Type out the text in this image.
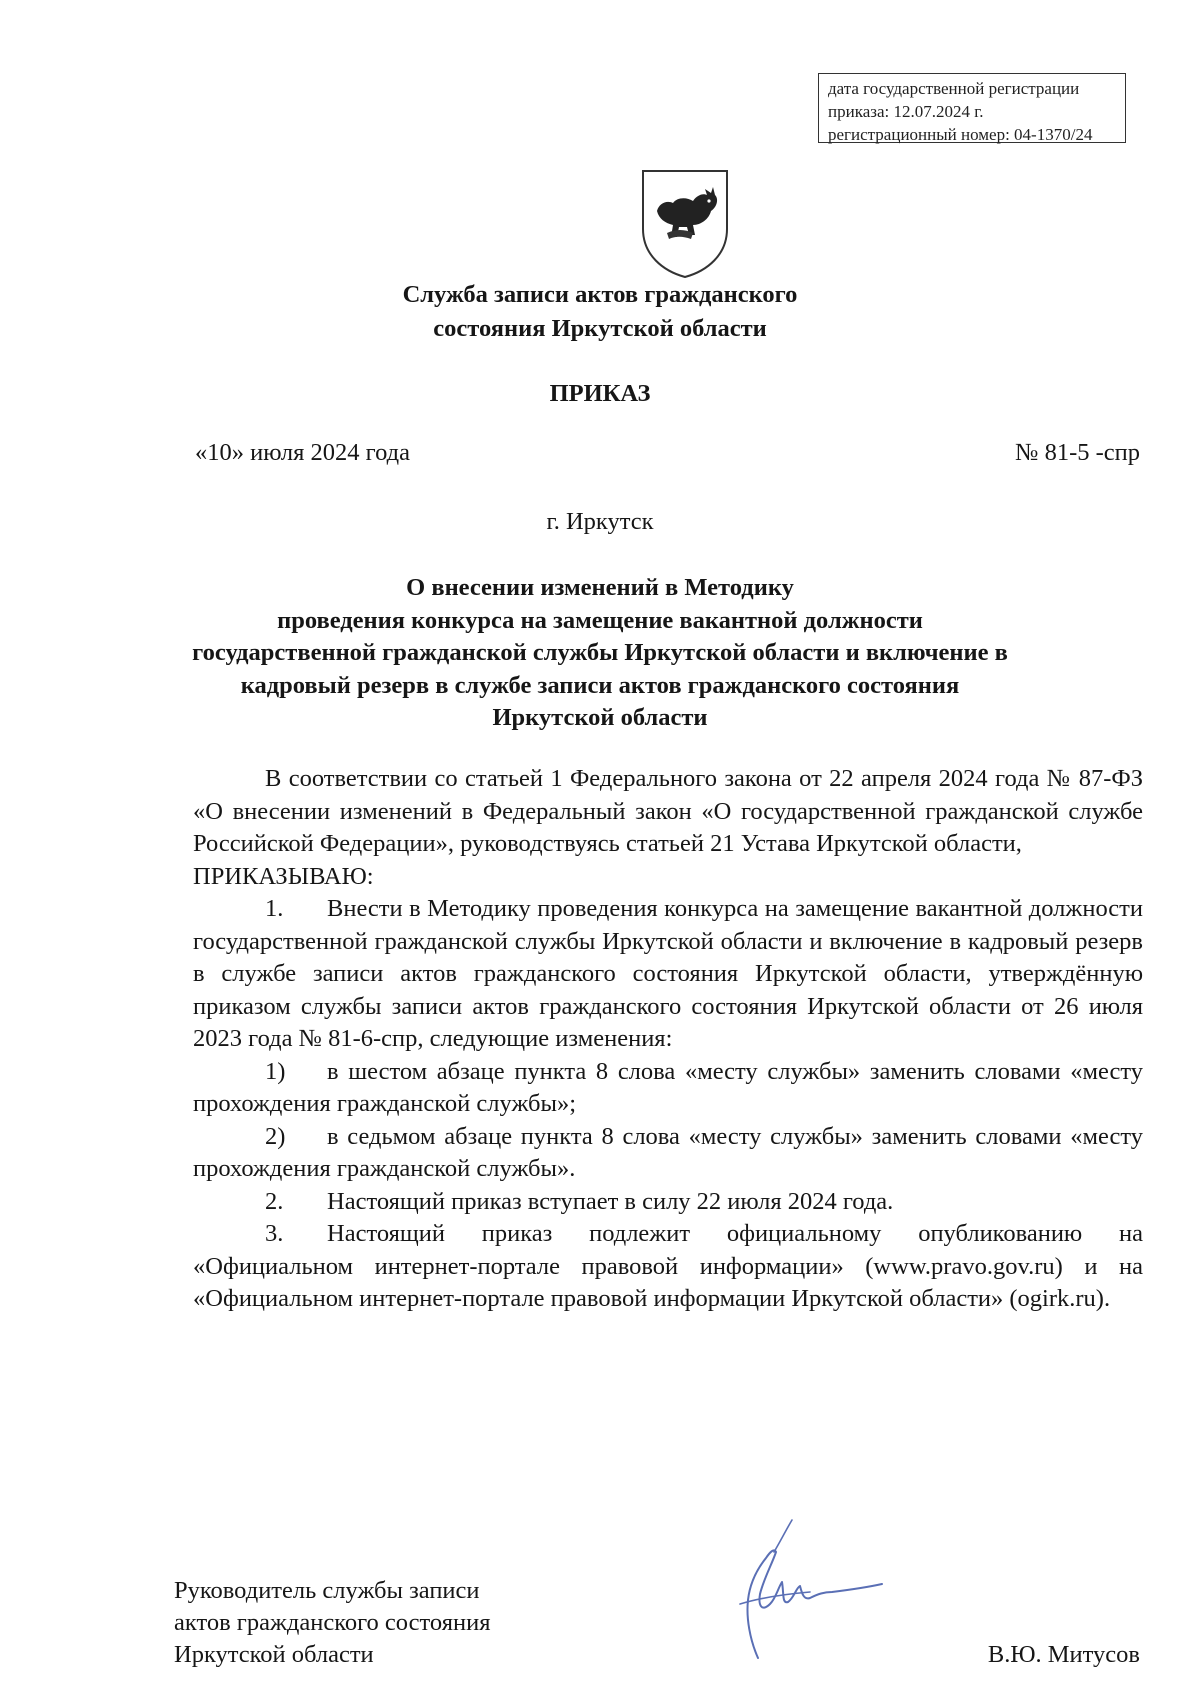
дата государственной регистрации
приказа: 12.07.2024 г.
регистрационный номер: 04-1370/24
Служба записи актов гражданского
состояния Иркутской области
ПРИКАЗ
«10» июля 2024 года	№ 81-5 -спр
г. Иркутск
О внесении изменений в Методику
проведения конкурса на замещение вакантной должности
государственной гражданской службы Иркутской области и включение в
кадровый резерв в службе записи актов гражданского состояния
Иркутской области

В соответствии со статьей 1 Федерального закона от 22 апреля 2024 года № 87-ФЗ «О внесении изменений в Федеральный закон «О государственной гражданской службе Российской Федерации», руководствуясь статьей 21 Устава Иркутской области,

ПРИКАЗЫВАЮ:

1. Внести в Методику проведения конкурса на замещение вакантной должности государственной гражданской службы Иркутской области и включение в кадровый резерв в службе записи актов гражданского состояния Иркутской области, утверждённую приказом службы записи актов гражданского состояния Иркутской области от 26 июля 2023 года № 81-6-спр, следующие изменения:

1) в шестом абзаце пункта 8 слова «месту службы» заменить словами «месту прохождения гражданской службы»;

2) в седьмом абзаце пункта 8 слова «месту службы» заменить словами «месту прохождения гражданской службы».

2. Настоящий приказ вступает в силу 22 июля 2024 года.

3. Настоящий приказ подлежит официальному опубликованию на «Официальном интернет-портале правовой информации» (www.pravo.gov.ru) и на «Официальном интернет-портале правовой информации Иркутской области» (ogirk.ru).

Руководитель службы записи
актов гражданского состояния
Иркутской области	В.Ю. Митусов
